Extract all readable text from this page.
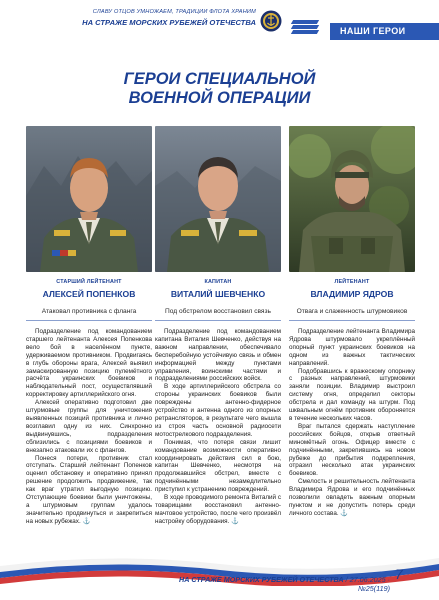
СЛАВУ ОТЦОВ УМНОЖАЕМ, ТРАДИЦИИ ФЛОТА ХРАНИМ
НА СТРАЖЕ МОРСКИХ РУБЕЖЕЙ ОТЕЧЕСТВА
НАШИ ГЕРОИ
ГЕРОИ СПЕЦИАЛЬНОЙ
ВОЕННОЙ ОПЕРАЦИИ
СТАРШИЙ ЛЕЙТЕНАНТ
АЛЕКСЕЙ ПОПЕНКОВ
Атаковал противника с фланга

Подразделение под командованием старшего лейтенанта Алексея Попенкова вело бой в населённом пункте, удерживаемом противником. Продвигаясь в глубь обороны врага, Алексей выявил замаскированную позицию пулемётного расчёта украинских боевиков и наблюдательный пост, осуществлявший корректировку артиллерийского огня.

Алексей оперативно подготовил две штурмовые группы для уничтожения выявленных позиций противника и лично возглавил одну из них. Синхронно выдвинувшись, подразделения сблизились с позициями боевиков и внезапно атаковали их с флангов.

Понеся потери, противник стал отступать. Старший лейтенант Попенков оценил обстановку и оперативно принял решение продолжить продвижение, так как враг утратил выгодную позицию. Отступающие боевики были уничтожены, а штурмовым группам удалось значительно продвинуться и закрепиться на новых рубежах. ⚓

КАПИТАН
ВИТАЛИЙ ШЕВЧЕНКО
Под обстрелом восстановил связь

Подразделение под командованием капитана Виталия Шевченко, действуя на важном направлении, обеспечивало бесперебойную устойчивую связь и обмен информацией между пунктами управления, воинскими частями и подразделениями российских войск.

В ходе артиллерийского обстрела со стороны украинских боевиков были повреждены антенно-фидерное устройство и антенна одного из опорных ретрансляторов, в результате чего вышла из строя часть основной радиосети мотострелкового подразделения.

Понимая, что потеря связи лишит командование возможности оперативно координировать действия сил в бою, капитан Шевченко, несмотря на продолжавшийся обстрел, вместе с подчинёнными незамедлительно приступил к устранению повреждений.

В ходе проводимого ремонта Виталий с товарищами восстановил антенно-мачтовое устройство, после чего произвёл настройку оборудования. ⚓

ЛЕЙТЕНАНТ
ВЛАДИМИР ЯДРОВ
Отвага и слаженность штурмовиков

Подразделение лейтенанта Владимира Ядрова штурмовало укреплённый опорный пункт украинских боевиков на одном из важных тактических направлений.

Подобравшись к вражескому опорнику с разных направлений, штурмовики заняли позиции. Владимир выстроил систему огня, определил секторы обстрела и дал команду на штурм. Под шквальным огнём противник обороняется в течение нескольких часов.

Враг пытался сдержать наступление российских бойцов, открыв ответный миномётный огонь. Офицер вместе с подчинёнными, закрепившись на новом рубеже до прибытия подкрепления, отразил несколько атак украинских боевиков.

Смелость и решительность лейтенанта Владимира Ядрова и его подчинённых позволили овладеть важным опорным пунктом и не допустить потерь среди личного состава. ⚓

НА СТРАЖЕ МОРСКИХ РУБЕЖЕЙ ОТЕЧЕСТВА / 27.06.2025 · №25(119)
7
